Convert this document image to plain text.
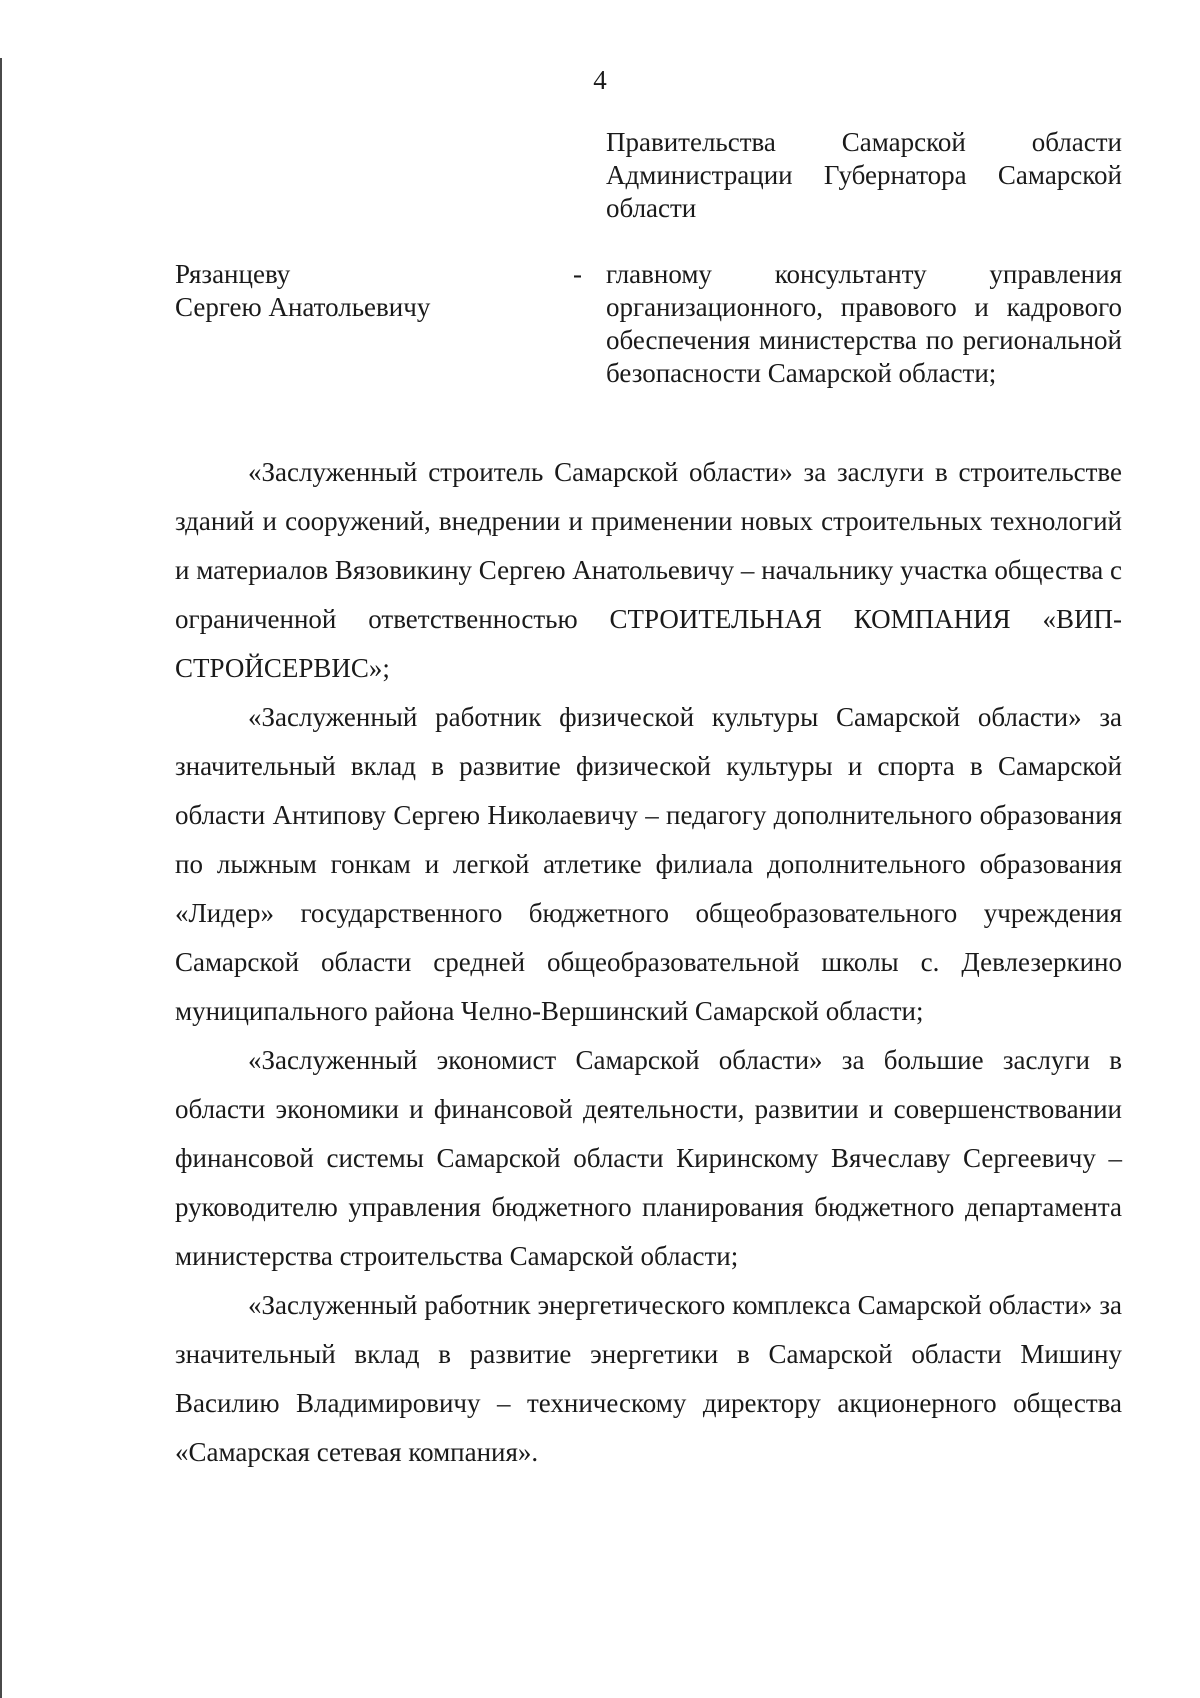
4
Правительства Самарской области Администрации Губернатора Самарской области
Рязанцеву
Сергею Анатольевичу
- главному консультанту управления организационного, правового и кадрового обеспечения министерства по региональной безопасности Самарской области;

«Заслуженный строитель Самарской области» за заслуги в строительстве зданий и сооружений, внедрении и применении новых строительных технологий и материалов Вязовикину Сергею Анатольевичу – начальнику участка общества с ограниченной ответственностью СТРОИТЕЛЬНАЯ КОМПАНИЯ «ВИП-СТРОЙСЕРВИС»;

«Заслуженный работник физической культуры Самарской области» за значительный вклад в развитие физической культуры и спорта в Самарской области Антипову Сергею Николаевичу – педагогу дополнительного образования по лыжным гонкам и легкой атлетике филиала дополнительного образования «Лидер» государственного бюджетного общеобразовательного учреждения Самарской области средней общеобразовательной школы с. Девлезеркино муниципального района Челно-Вершинский Самарской области;

«Заслуженный экономист Самарской области» за большие заслуги в области экономики и финансовой деятельности, развитии и совершенствовании финансовой системы Самарской области Киринскому Вячеславу Сергеевичу – руководителю управления бюджетного планирования бюджетного департамента министерства строительства Самарской области;

«Заслуженный работник энергетического комплекса Самарской области» за значительный вклад в развитие энергетики в Самарской области Мишину Василию Владимировичу – техническому директору акционерного общества «Самарская сетевая компания».
